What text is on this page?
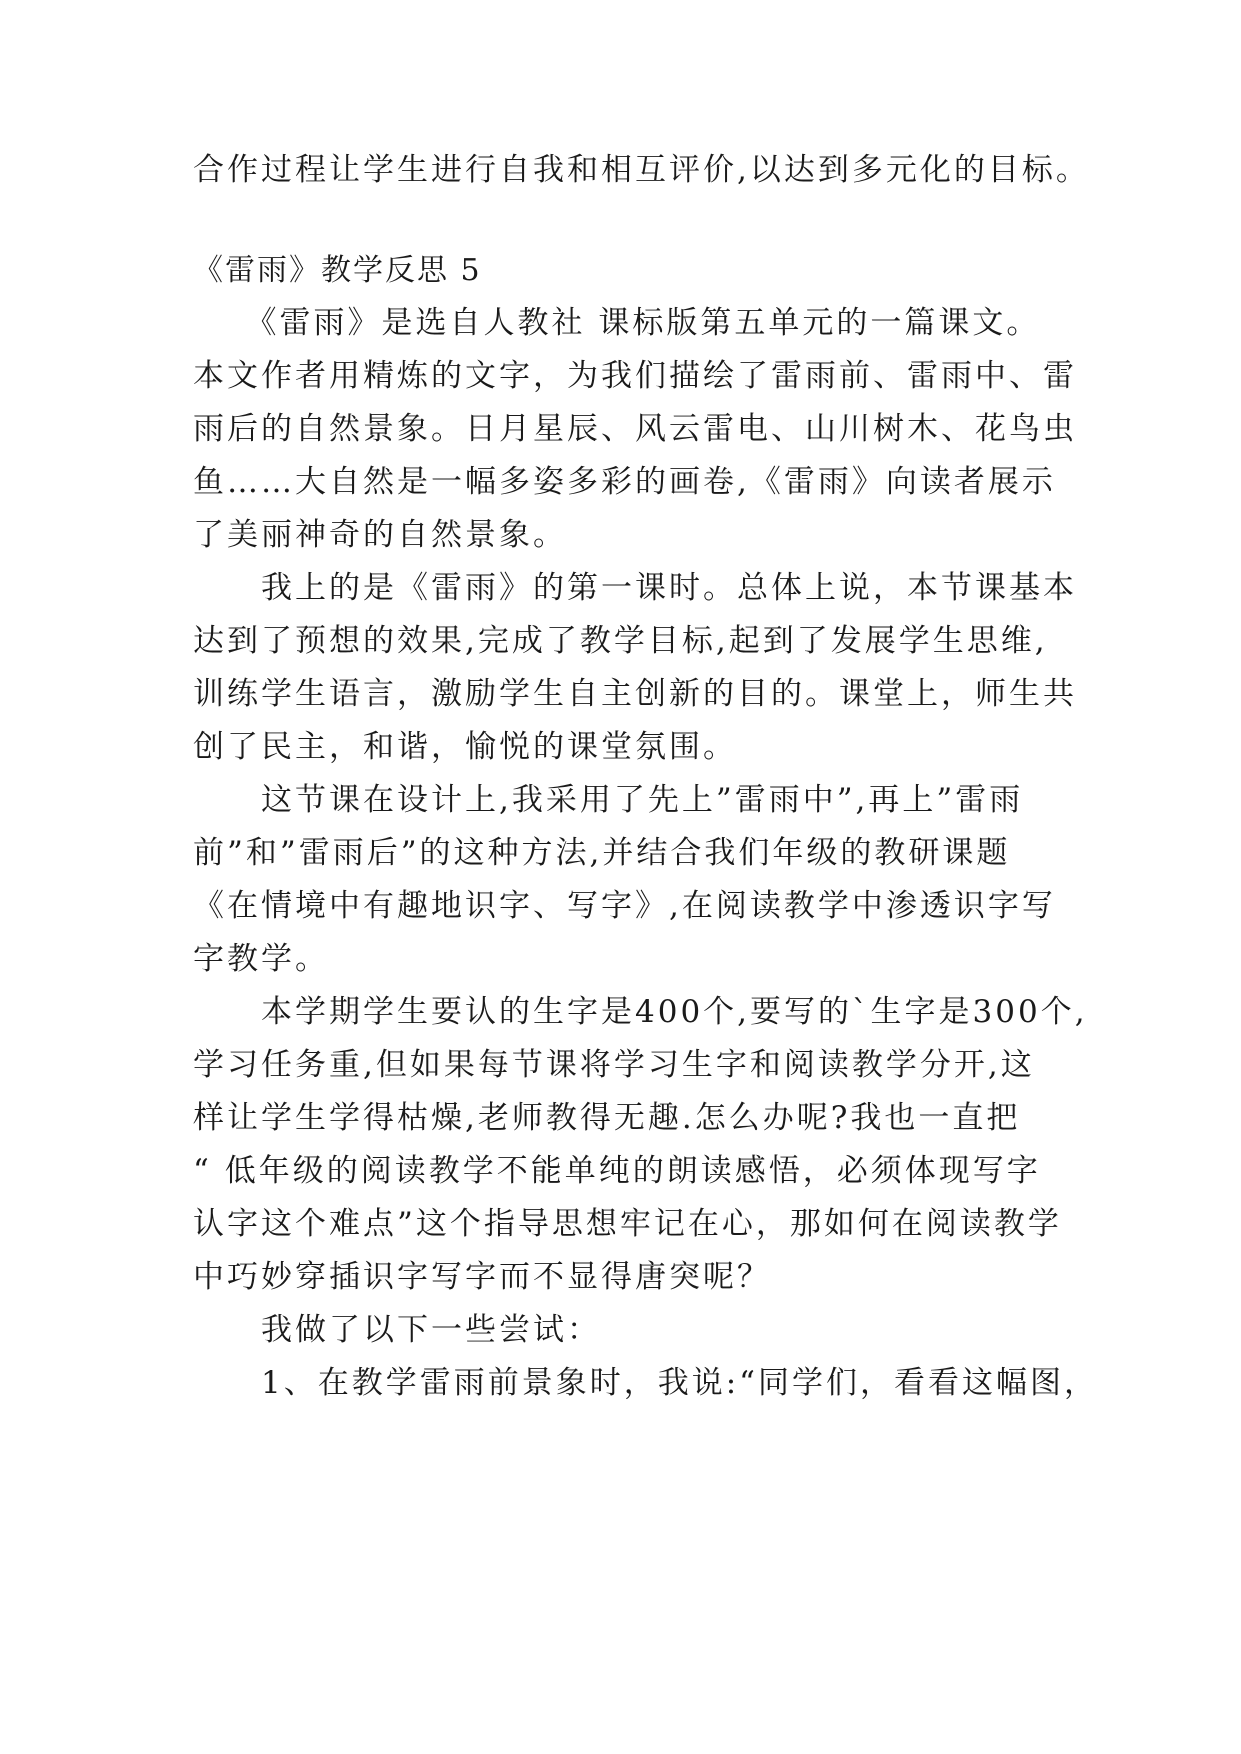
合作过程让学生进行自我和相互评价,以达到多元化的目标。
《雷雨》教学反思 5
　　《雷雨》是选自人教社 课标版第五单元的一篇课文。
本文作者用精炼的文字，为我们描绘了雷雨前、雷雨中、雷
雨后的自然景象。日月星辰、风云雷电、山川树木、花鸟虫
鱼……大自然是一幅多姿多彩的画卷,《雷雨》向读者展示
了美丽神奇的自然景象。
　　我上的是《雷雨》的第一课时。总体上说，本节课基本
达到了预想的效果,完成了教学目标,起到了发展学生思维,
训练学生语言，激励学生自主创新的目的。课堂上，师生共
创了民主，和谐，愉悦的课堂氛围。
　　这节课在设计上,我采用了先上”雷雨中”,再上”雷雨
前”和”雷雨后”的这种方法,并结合我们年级的教研课题
《在情境中有趣地识字、写字》,在阅读教学中渗透识字写
字教学。
　　本学期学生要认的生字是400个,要写的`生字是300个,
学习任务重,但如果每节课将学习生字和阅读教学分开,这
样让学生学得枯燥,老师教得无趣.怎么办呢?我也一直把
“ 低年级的阅读教学不能单纯的朗读感悟，必须体现写字
认字这个难点”这个指导思想牢记在心，那如何在阅读教学
中巧妙穿插识字写字而不显得唐突呢？
　　我做了以下一些尝试：
　　1、在教学雷雨前景象时，我说:“同学们，看看这幅图，
